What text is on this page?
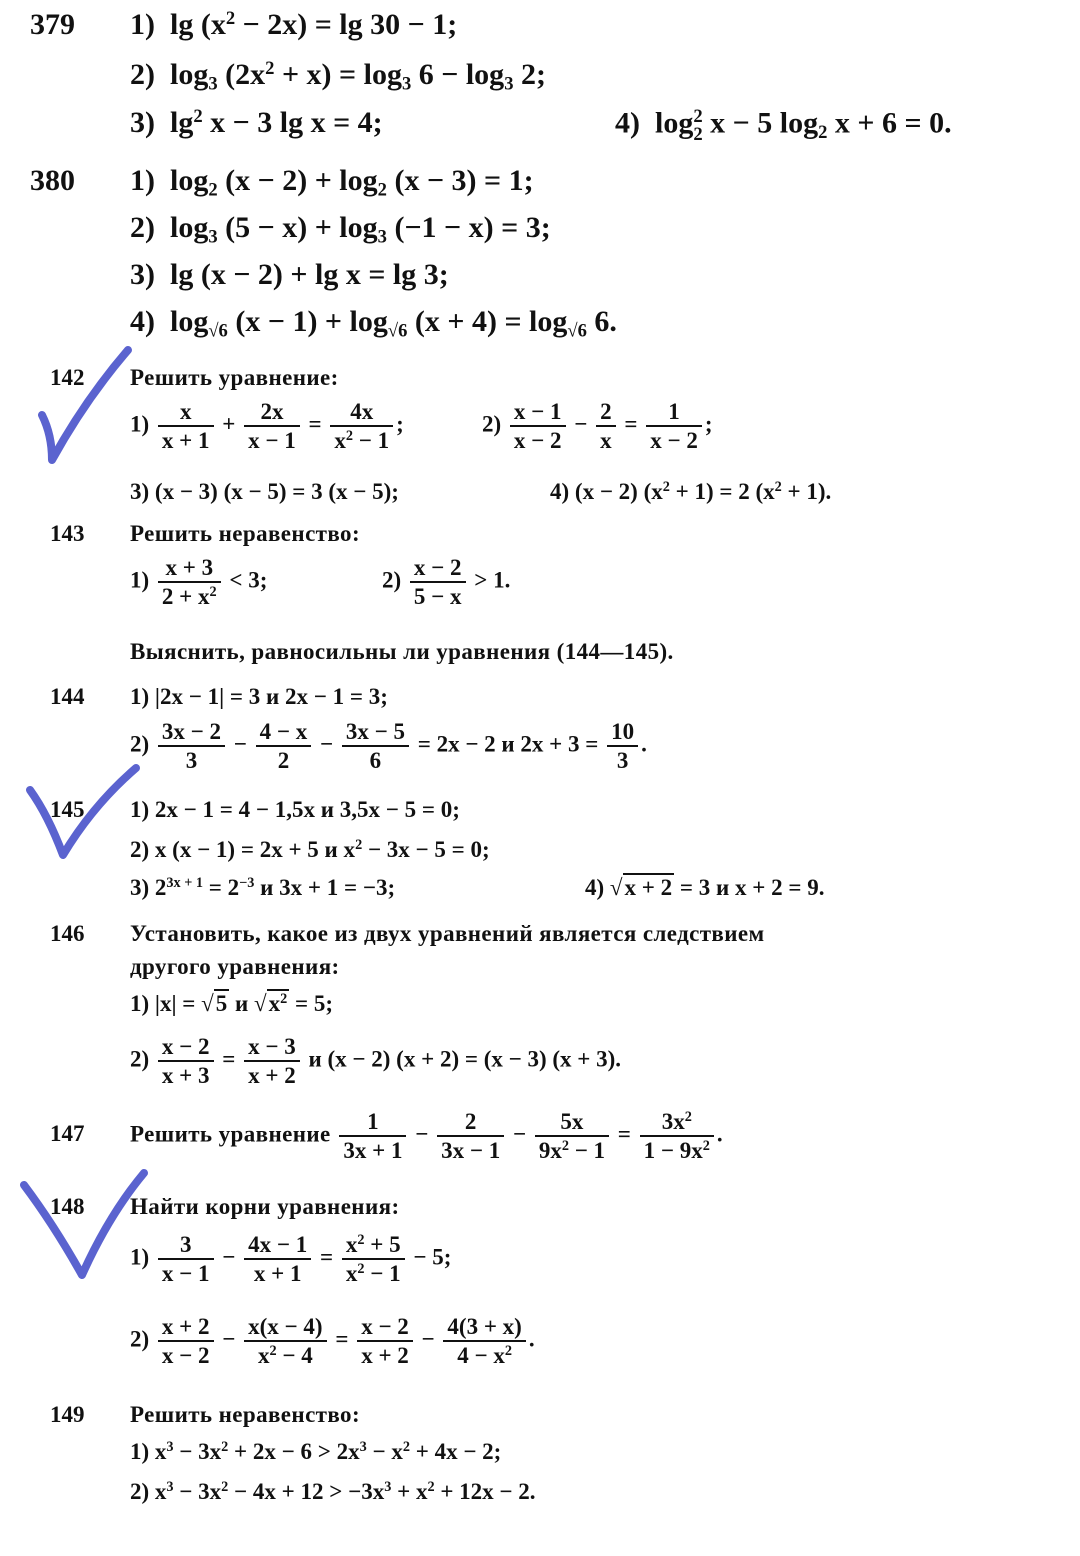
379 1) $\lg (x^2 - 2x) = \lg 30 - 1$;
2) $\log_3 (2x^2 + x) = \log_3 6 - \log_3 2$;
3) $\lg^2 x - 3$ lg x = 4;	4) log 2
2 x − 5 $\log_2 x + 6 = 0$.
380 1) $\log_2 (x - 2) + \log_2 (x - 3) = 1$;
2) $\log_3 (5 - x) + \log_3 (-1 - x) = 3$;
3) lg (x − 2) + lg x = lg 3;
4) $\log_{√6} (x - 1) + \log_{√6} (x + 4) = \log_{√6} 6$.
142 Решить уравнение:
$1) \frac{x}{x + 1} + \frac{2x}{x - 1} = \frac{4x}{x^2 - 1}$ ;	$2) \frac{x - 1}{x - 2} - \frac{2}{x} = \frac{1}{x - 2}$ ;
3) (x − 3) (x − 5) = 3 (x − 5);	4) (x − 2) $(x^2 + 1) = 2$ $(x^2 + 1)$.
143 Решить неравенство:
$1) \frac{x + 3}{2 + x^2} < 3$;	$2) \frac{x - 2}{5 - x} > 1$.
Выяснить, равносильны ли уравнения (144—145).
144 1) |2x − 1| = 3 и 2x − 1 = 3;
$2) \frac{3x - 2}{3} - \frac{4 - x}{2} - \frac{3x - 5}{6} = 2x - 2$ и $2x + 3 = \frac{10}{3}$ .
145 1) 2x − 1 = 4 − 1,5x и 3,5x − 5 = 0;
2) x (x − 1) = 2x + 5 и $x^2 - 3x - 5 = 0$;
3) $2^{3x + 1} = 2^{-3}$ и 3x + 1 = −3;	4) √x + 2 = 3 и x + 2 = 9.
146 Установить, какое из двух уравнений является следствием
другого уравнения:
1) |x| = √5 и $√x^2 = 5$;
$2) \frac{x - 2}{x + 3} = \frac{x - 3}{x + 2}$ и (x − 2) (x + 2) = (x − 3) (x + 3).
147 Решить уравнение $\frac{1}{3x + 1} - \frac{2}{3x - 1} - \frac{5x}{9x^2 - 1} = \frac{3x^2}{1 - 9x^2}$ .
148 Найти корни уравнения:
$1) \frac{3}{x - 1} - \frac{4x - 1}{x + 1} = \frac{x^2 + 5}{x^2 - 1} - 5$;
$2) \frac{x + 2}{x - 2} - \frac{x(x - 4)}{x^2 - 4} = \frac{x - 2}{x + 2} - \frac{4(3 + x)}{4 - x^2}$ .
149 Решить неравенство:
1) $x^3 - 3x^2 + 2x - 6 > 2x^3 - x^2 + 4x - 2$;
2) $x^3 - 3x^2 - 4x + 12 > -3x^3 + x^2 + 12x - 2$.
